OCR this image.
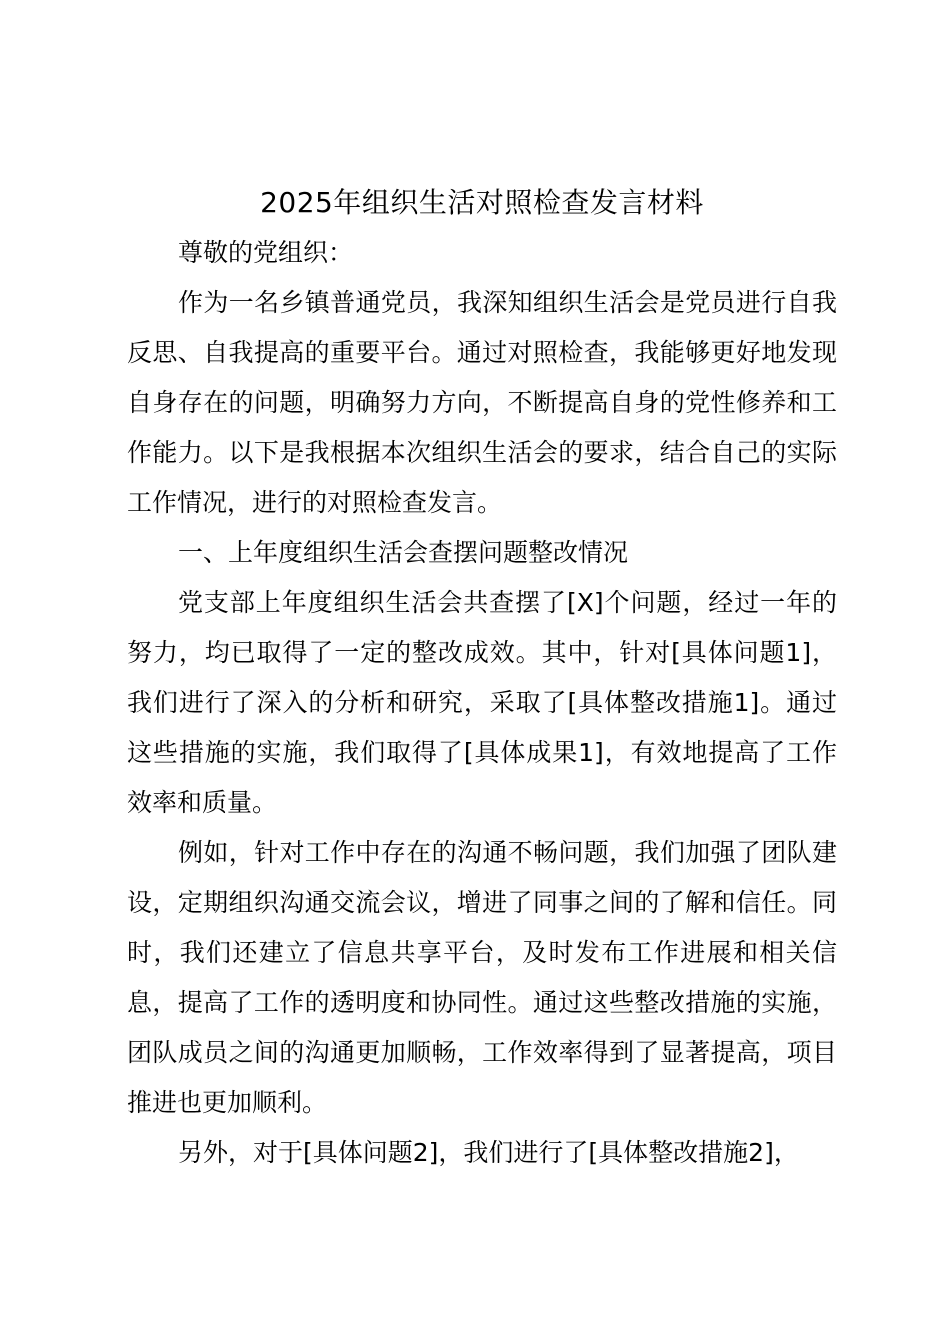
2025年组织生活对照检查发言材料

尊敬的党组织：

作为一名乡镇普通党员，我深知组织生活会是党员进行自我反思、自我提高的重要平台。通过对照检查，我能够更好地发现自身存在的问题，明确努力方向，不断提高自身的党性修养和工作能力。以下是我根据本次组织生活会的要求，结合自己的实际工作情况，进行的对照检查发言。

一、上年度组织生活会查摆问题整改情况

党支部上年度组织生活会共查摆了[X]个问题，经过一年的努力，均已取得了一定的整改成效。其中，针对[具体问题1]，我们进行了深入的分析和研究，采取了[具体整改措施1]。通过这些措施的实施，我们取得了[具体成果1]，有效地提高了工作效率和质量。

例如，针对工作中存在的沟通不畅问题，我们加强了团队建设，定期组织沟通交流会议，增进了同事之间的了解和信任。同时，我们还建立了信息共享平台，及时发布工作进展和相关信息，提高了工作的透明度和协同性。通过这些整改措施的实施，团队成员之间的沟通更加顺畅，工作效率得到了显著提高，项目推进也更加顺利。

另外，对于[具体问题2]，我们进行了[具体整改措施2]，
